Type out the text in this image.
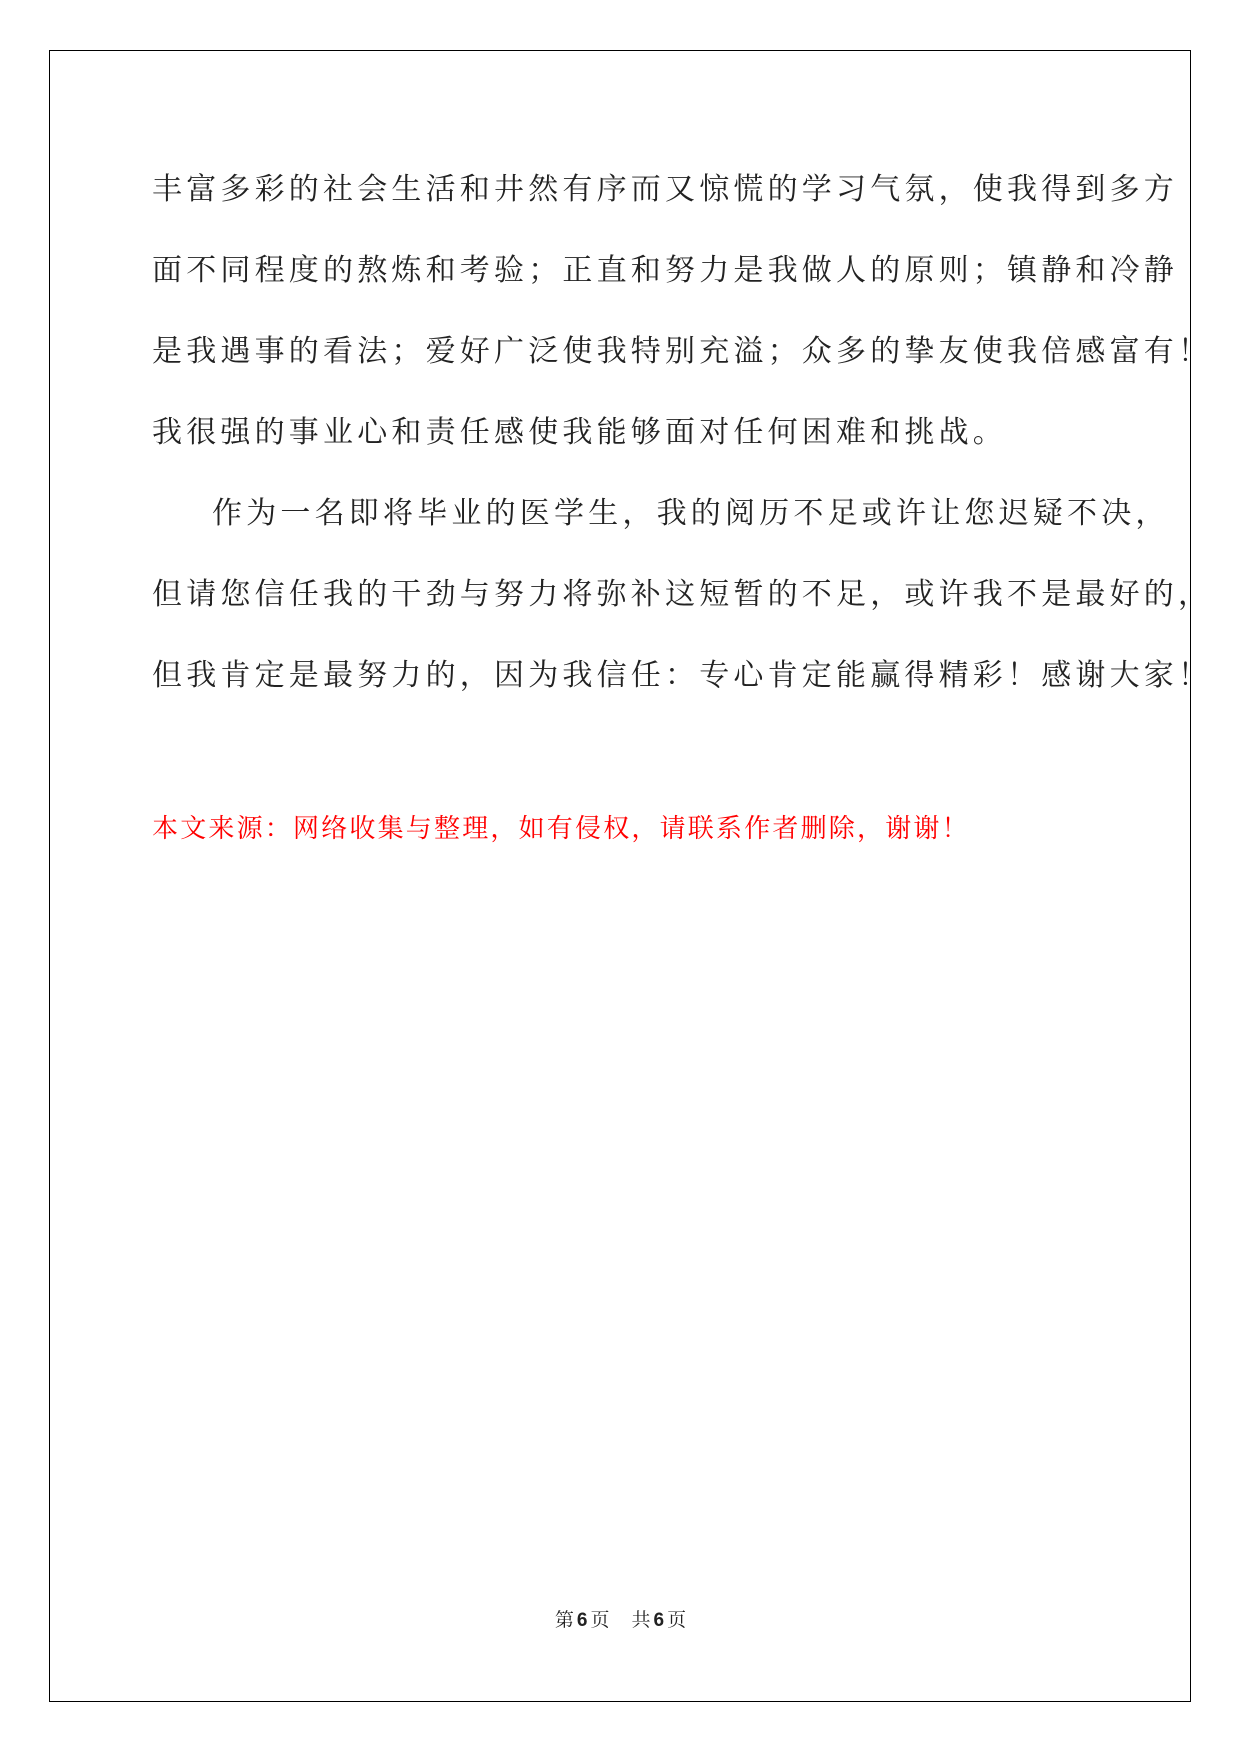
丰富多彩的社会生活和井然有序而又惊慌的学习气氛，使我得到多方
面不同程度的熬炼和考验；正直和努力是我做人的原则；镇静和冷静
是我遇事的看法；爱好广泛使我特别充溢；众多的挚友使我倍感富有！
我很强的事业心和责任感使我能够面对任何困难和挑战。
作为一名即将毕业的医学生，我的阅历不足或许让您迟疑不决，
但请您信任我的干劲与努力将弥补这短暂的不足，或许我不是最好的，
但我肯定是最努力的，因为我信任：专心肯定能赢得精彩！感谢大家！
本文来源：网络收集与整理，如有侵权，请联系作者删除，谢谢！
第 6 页 共 6 页
